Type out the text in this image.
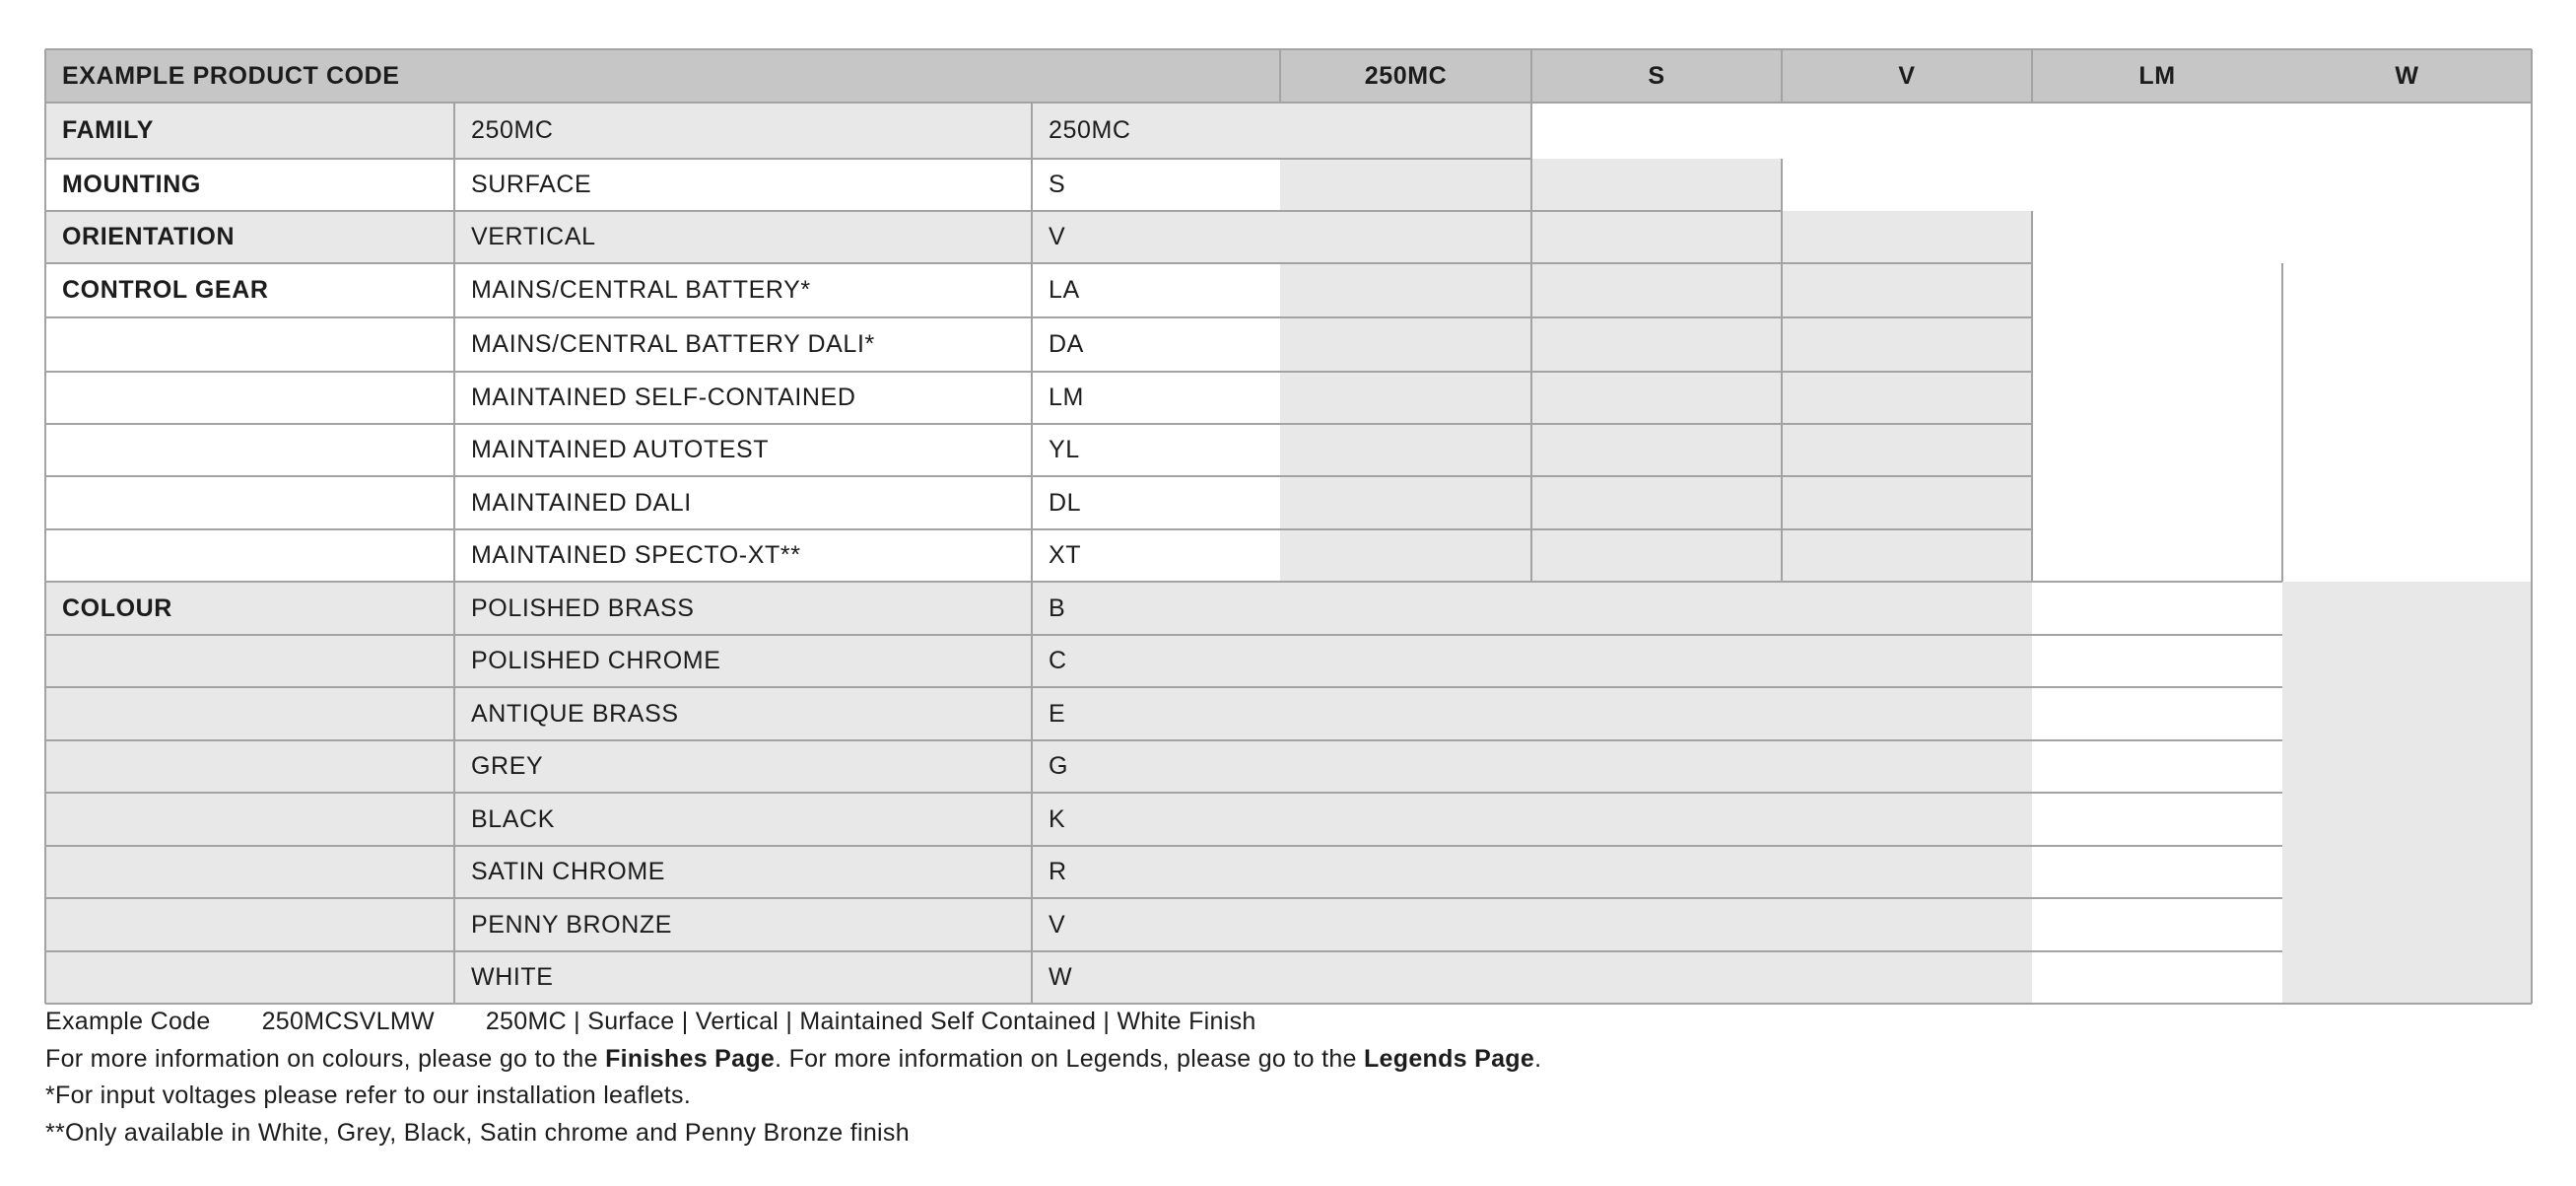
EXAMPLE PRODUCT CODE	250MC	S	V	LM	W
FAMILY	250MC	250MC
MOUNTING	SURFACE	S
ORIENTATION	VERTICAL	V
CONTROL GEAR	MAINS/CENTRAL BATTERY*	LA
MAINS/CENTRAL BATTERY DALI*	DA
MAINTAINED SELF-CONTAINED	LM
MAINTAINED AUTOTEST	YL
MAINTAINED DALI	DL
MAINTAINED SPECTO-XT**	XT
COLOUR	POLISHED BRASS	B
POLISHED CHROME	C
ANTIQUE BRASS	E
GREY	G
BLACK	K
SATIN CHROME	R
PENNY BRONZE	V
WHITE	W
Example Code 250MCSVLMW 250MC | Surface | Vertical | Maintained Self Contained | White Finish
For more information on colours, please go to the Finishes Page. For more information on Legends, please go to the Legends Page.
*For input voltages please refer to our installation leaflets.
**Only available in White, Grey, Black, Satin chrome and Penny Bronze finish
